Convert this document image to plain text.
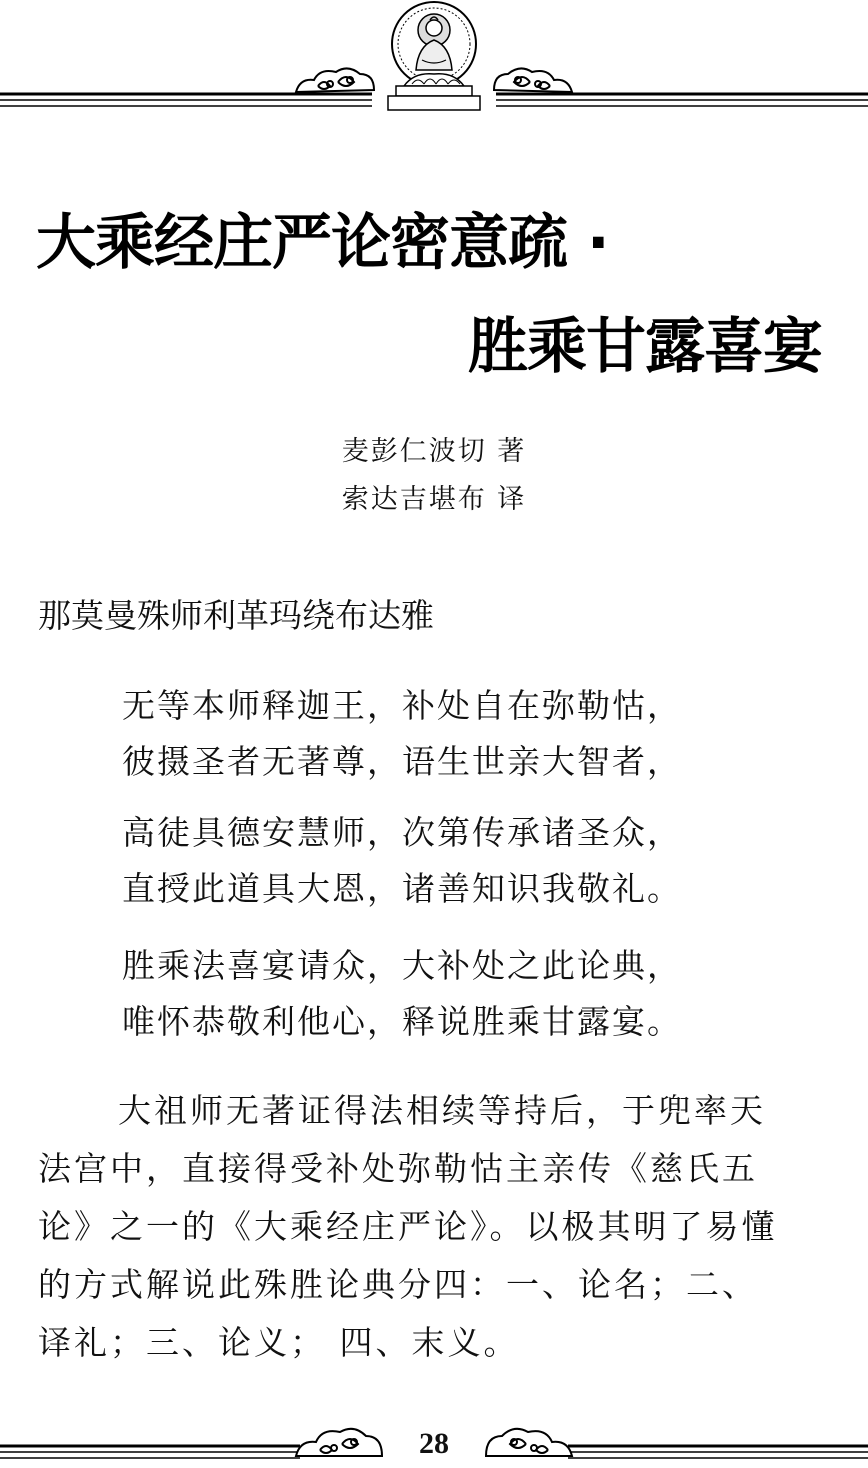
大乘经庄严论密意疏 ·
胜乘甘露喜宴
麦彭仁波切 著
索达吉堪布 译
那莫曼殊师利革玛绕布达雅
无等本师释迦王，补处自在弥勒怙，
彼摄圣者无著尊，语生世亲大智者，
高徒具德安慧师，次第传承诸圣众，
直授此道具大恩，诸善知识我敬礼。
胜乘法喜宴请众，大补处之此论典，
唯怀恭敬利他心，释说胜乘甘露宴。
大祖师无著证得法相续等持后，于兜率天
法宫中，直接得受补处弥勒怙主亲传《慈氏五
论》之一的《大乘经庄严论》。以极其明了易懂
的方式解说此殊胜论典分四：一、论名；二、
译礼；三、论义； 四、末义。
28
